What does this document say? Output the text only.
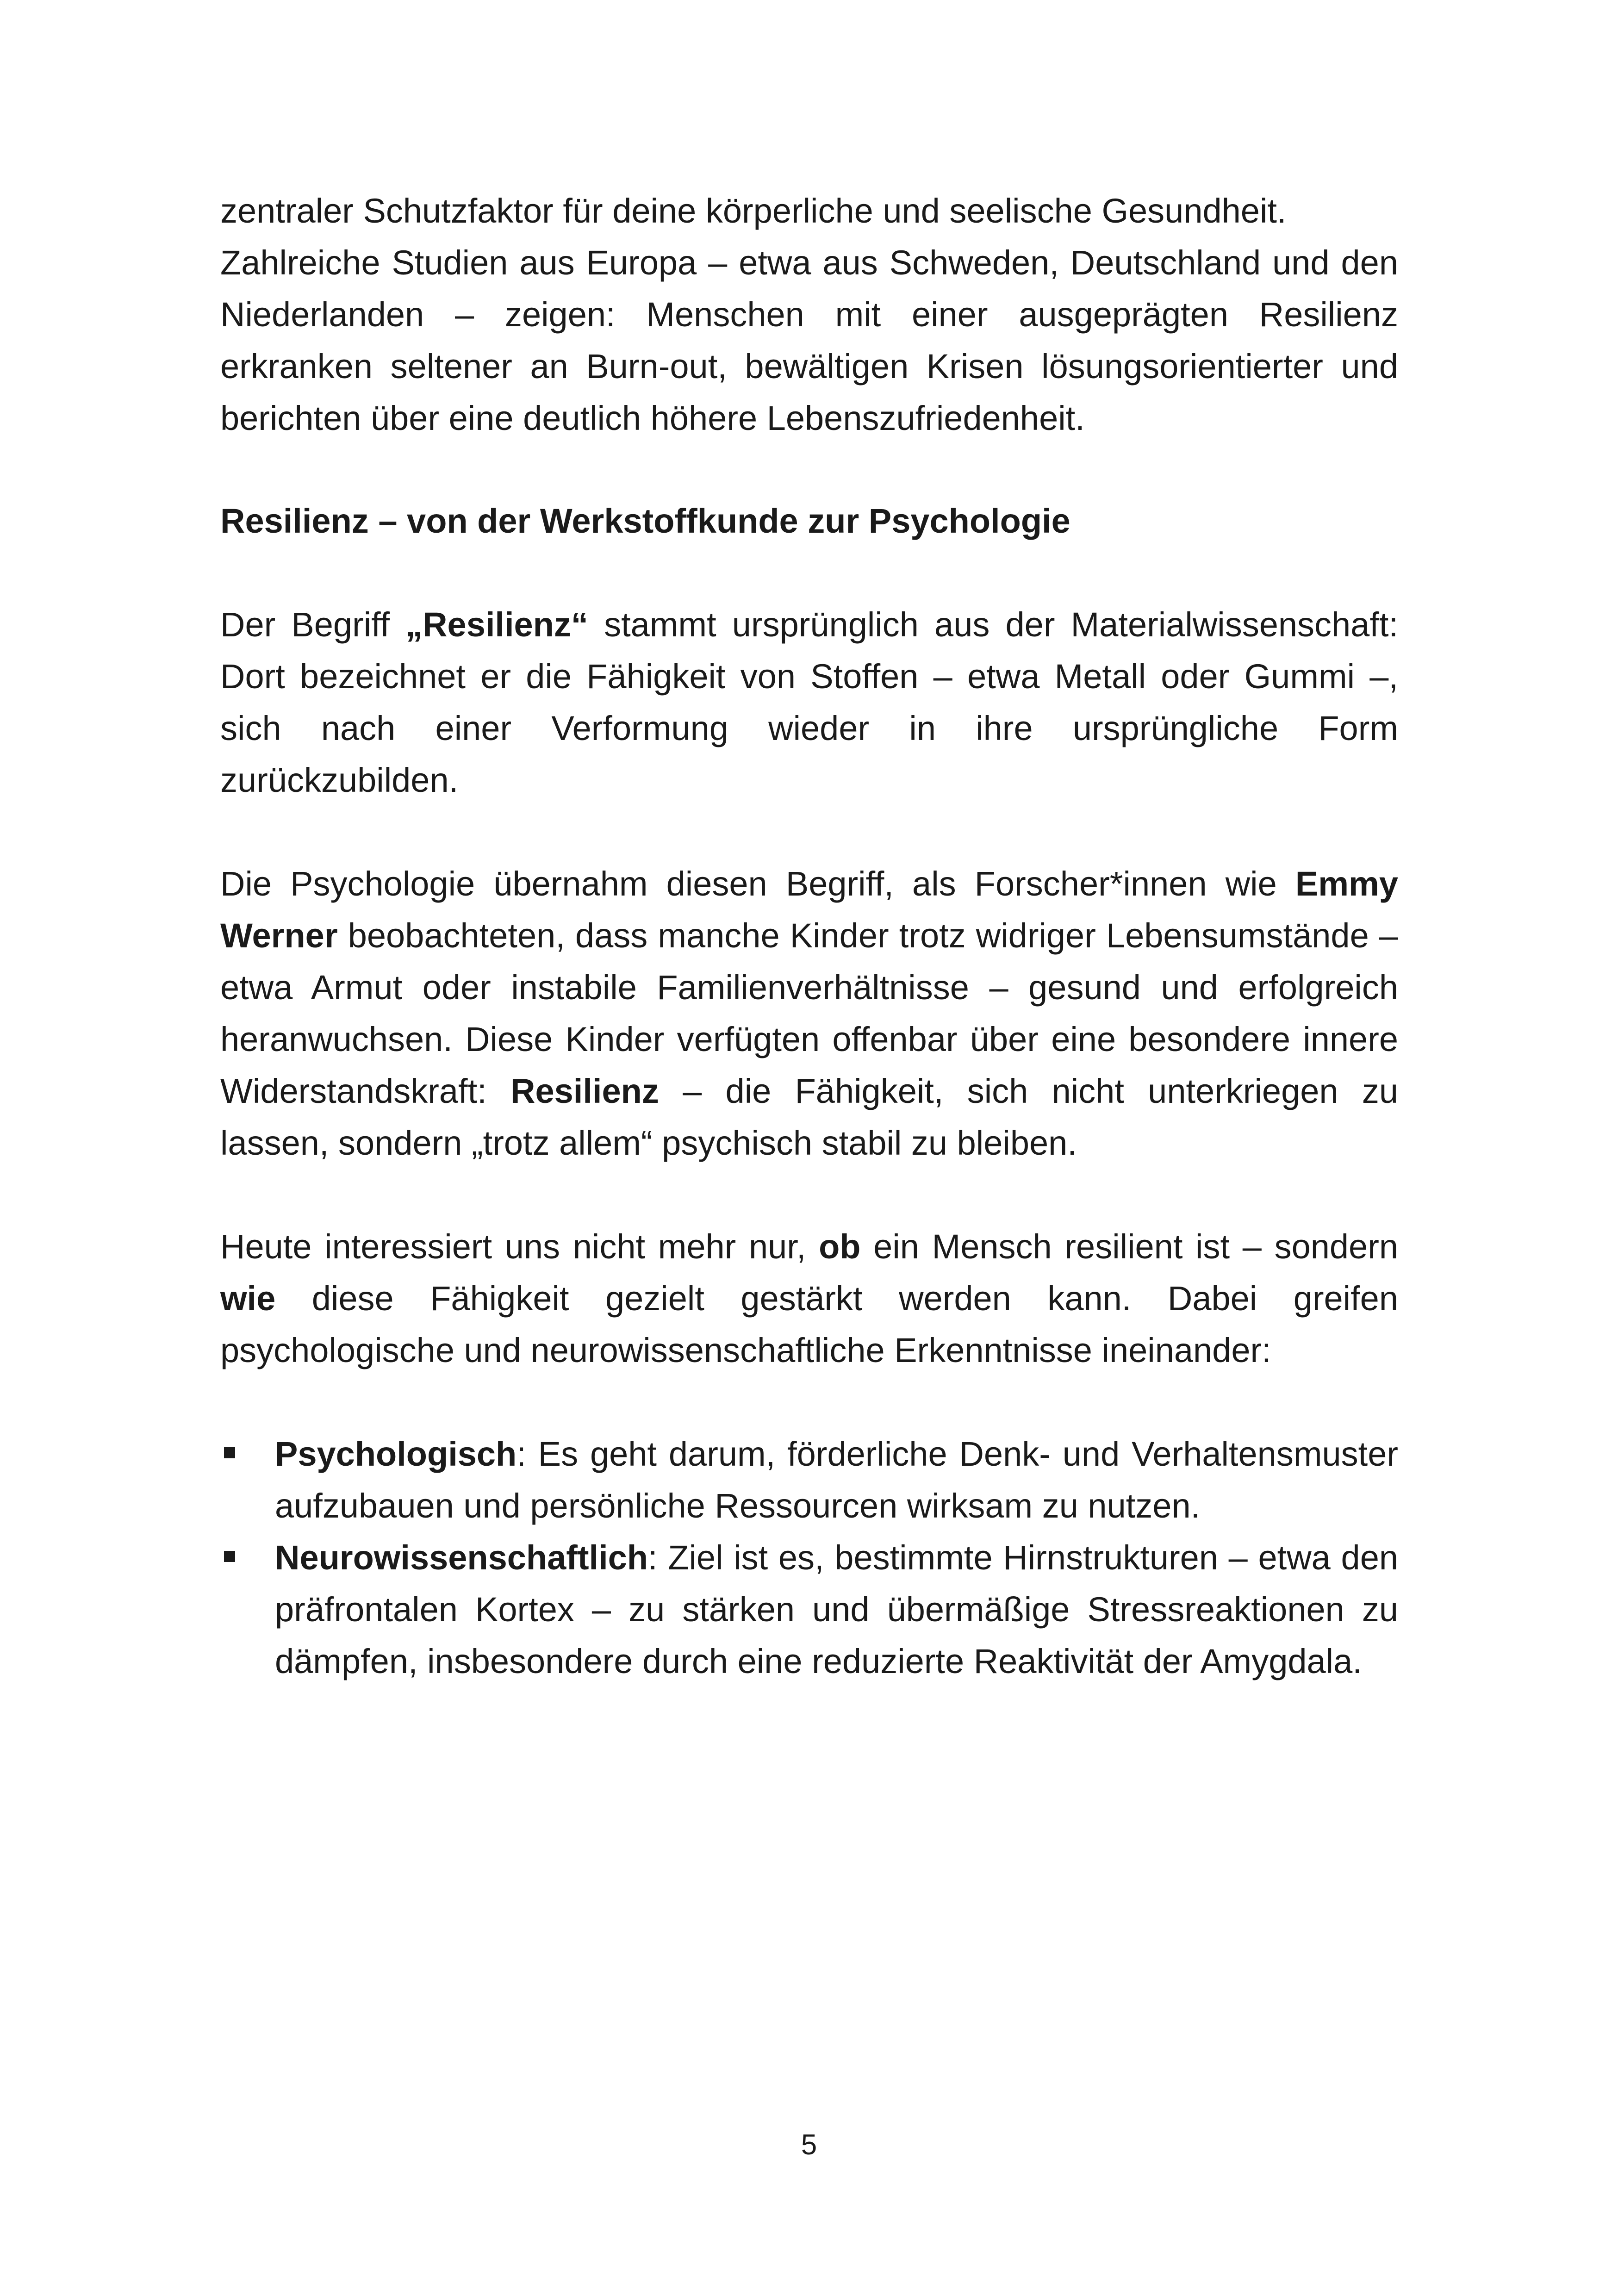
zentraler Schutzfaktor für deine körperliche und seelische Gesundheit.

Zahlreiche Studien aus Europa – etwa aus Schweden, Deutschland und den Niederlanden – zeigen: Menschen mit einer ausgeprägten Resilienz erkranken seltener an Burn-out, bewältigen Krisen lösungsorientierter und berichten über eine deutlich höhere Lebenszufriedenheit.

Resilienz – von der Werkstoffkunde zur Psychologie

Der Begriff „Resilienz“ stammt ursprünglich aus der Materialwissenschaft: Dort bezeichnet er die Fähigkeit von Stoffen – etwa Metall oder Gummi –, sich nach einer Verformung wieder in ihre ursprüngliche Form zurückzubilden.

Die Psychologie übernahm diesen Begriff, als Forscher*innen wie Emmy Werner beobachteten, dass manche Kinder trotz widriger Lebensumstände – etwa Armut oder instabile Familienverhältnisse – gesund und erfolgreich heranwuchsen. Diese Kinder verfügten offenbar über eine besondere innere Widerstandskraft: Resilienz – die Fähigkeit, sich nicht unterkriegen zu lassen, sondern „trotz allem“ psychisch stabil zu bleiben.

Heute interessiert uns nicht mehr nur, ob ein Mensch resilient ist – sondern wie diese Fähigkeit gezielt gestärkt werden kann. Dabei greifen psychologische und neurowissenschaftliche Erkenntnisse ineinander:

Psychologisch: Es geht darum, förderliche Denk- und Verhaltensmuster aufzubauen und persönliche Ressourcen wirksam zu nutzen.
Neurowissenschaftlich: Ziel ist es, bestimmte Hirnstrukturen – etwa den präfrontalen Kortex – zu stärken und übermäßige Stressreaktionen zu dämpfen, insbesondere durch eine reduzierte Reaktivität der Amygdala.
5
